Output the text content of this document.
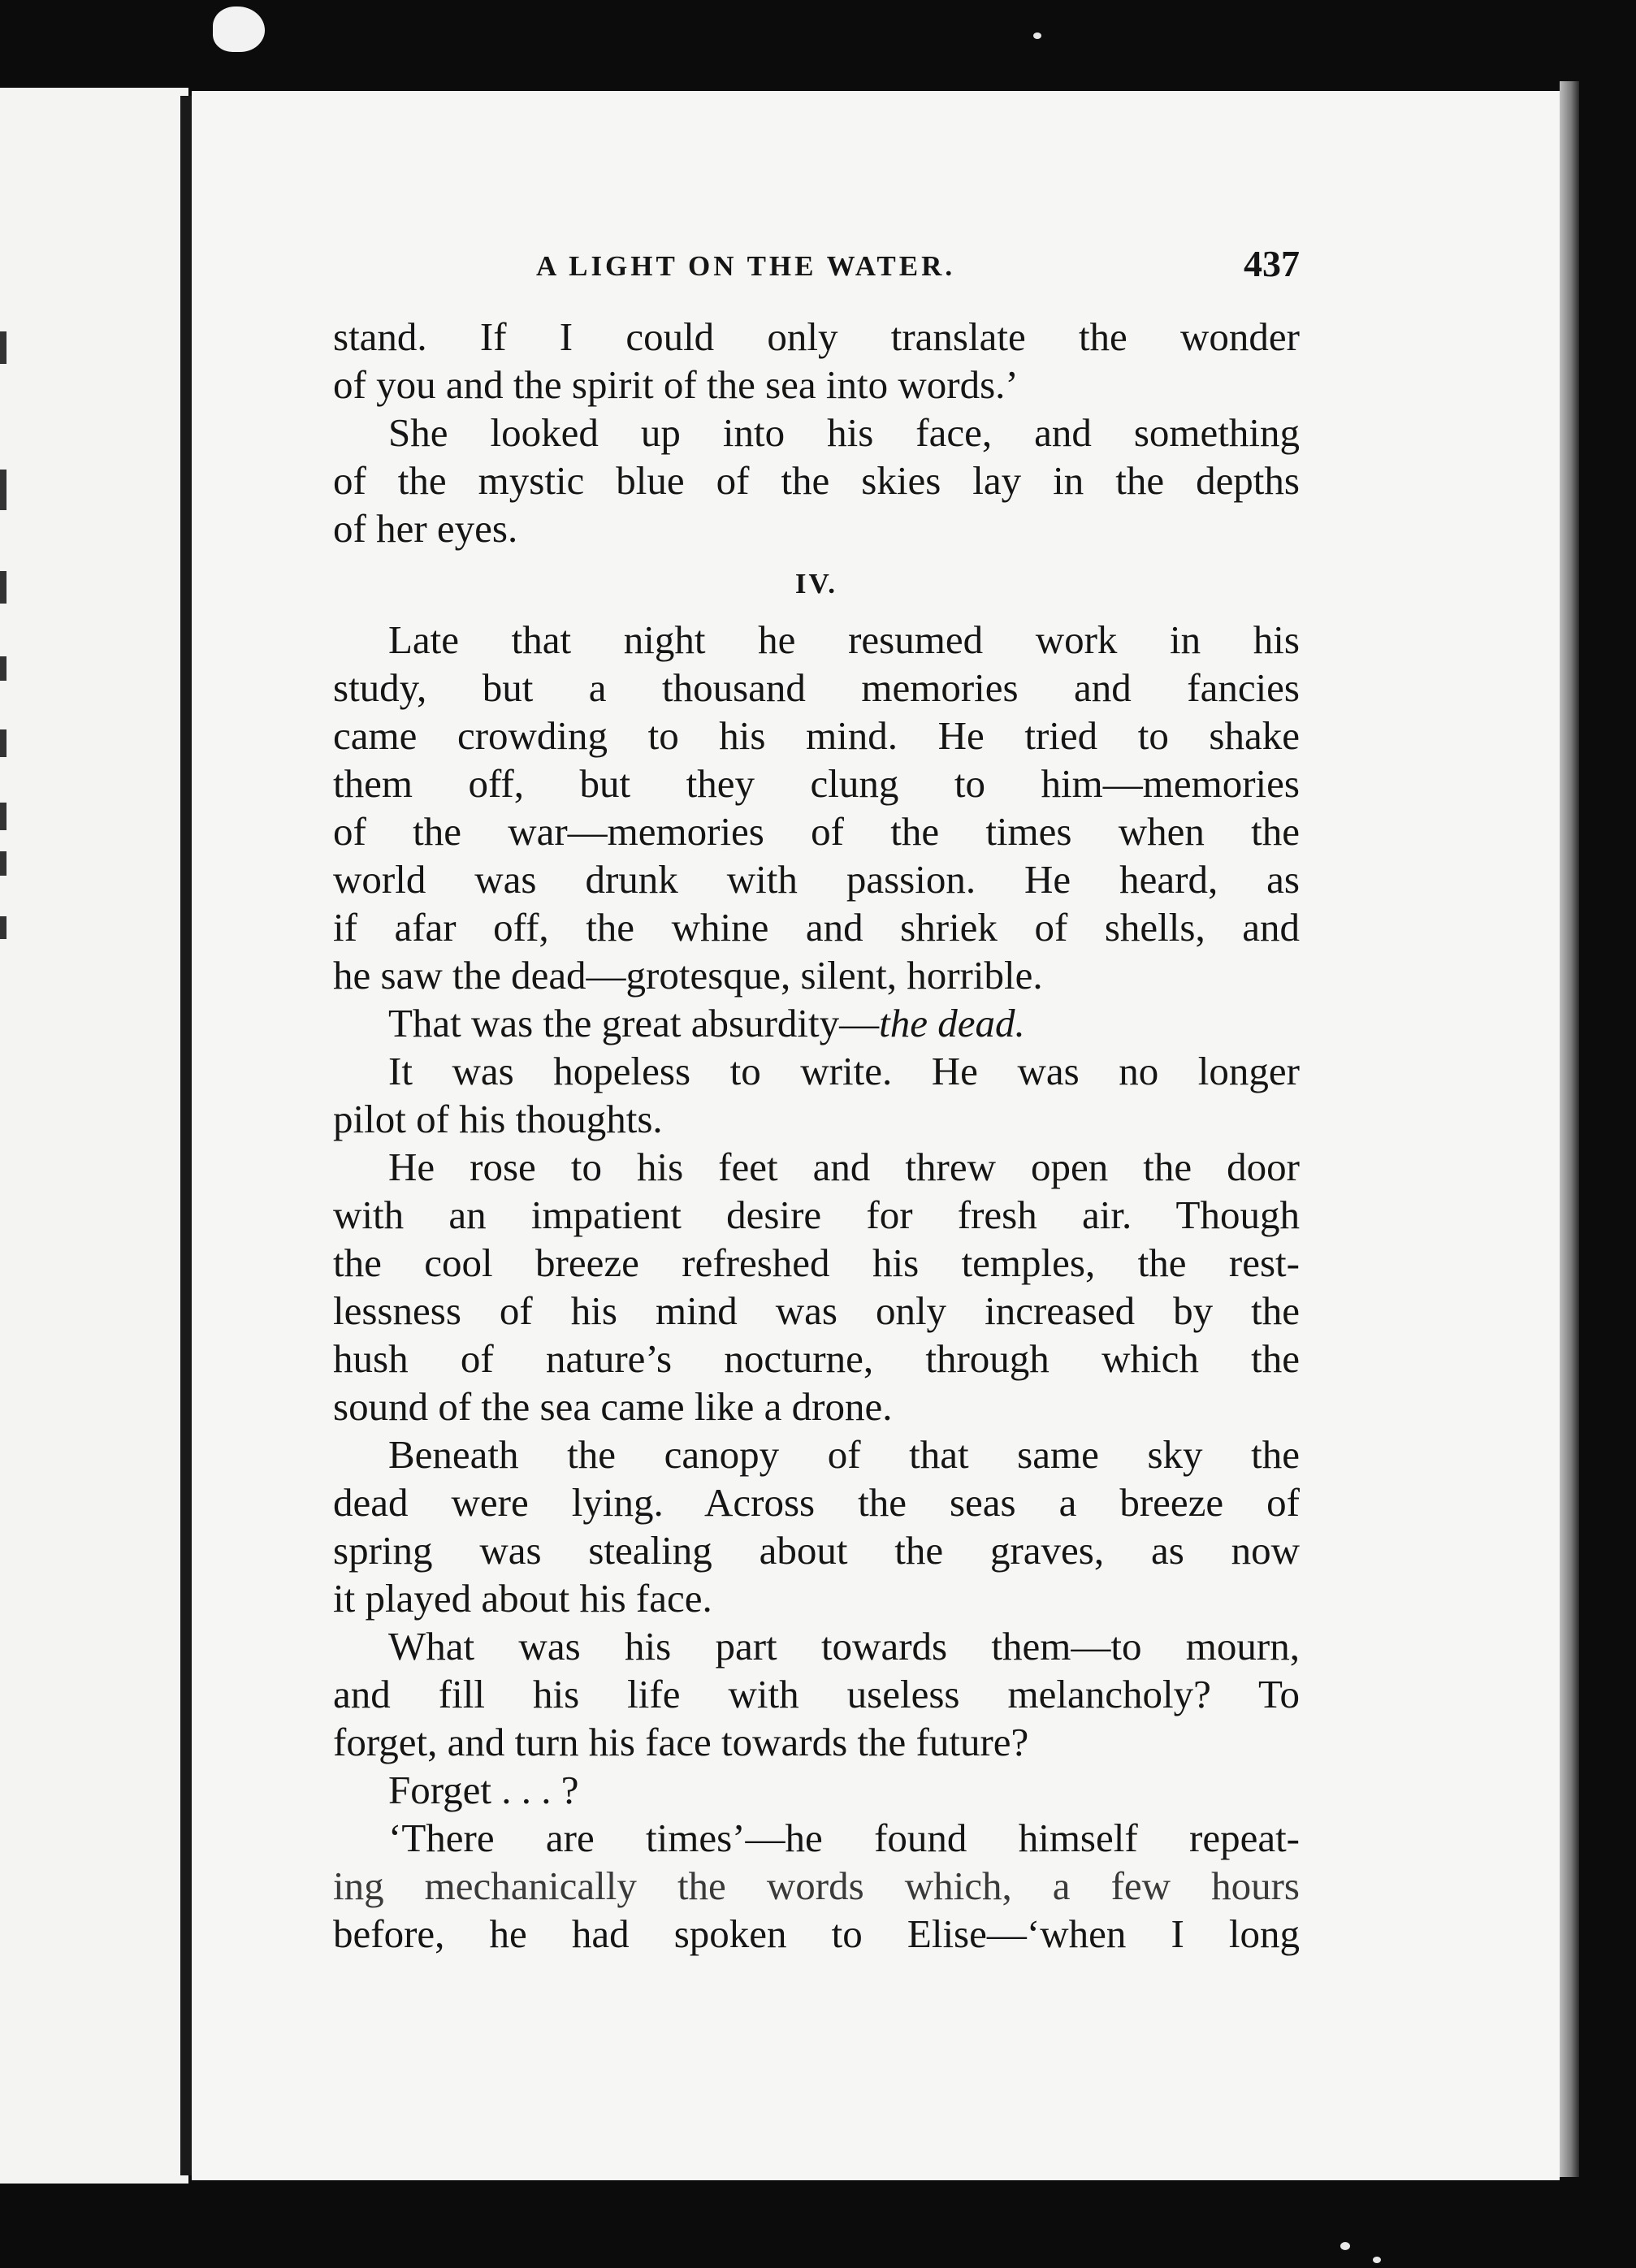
A LIGHT ON THE WATER.	437
stand. If I could only translate the wonder
of you and the spirit of the sea into words.’
She looked up into his face, and something
of the mystic blue of the skies lay in the depths
of her eyes.
IV.
Late that night he resumed work in his
study, but a thousand memories and fancies
came crowding to his mind. He tried to shake
them off, but they clung to him—memories
of the war—memories of the times when the
world was drunk with passion. He heard, as
if afar off, the whine and shriek of shells, and
he saw the dead—grotesque, silent, horrible.
That was the great absurdity—the dead.
It was hopeless to write. He was no longer
pilot of his thoughts.
He rose to his feet and threw open the door
with an impatient desire for fresh air. Though
the cool breeze refreshed his temples, the rest-
lessness of his mind was only increased by the
hush of nature’s nocturne, through which the
sound of the sea came like a drone.
Beneath the canopy of that same sky the
dead were lying. Across the seas a breeze of
spring was stealing about the graves, as now
it played about his face.
What was his part towards them—to mourn,
and fill his life with useless melancholy? To
forget, and turn his face towards the future?
Forget . . . ?
‘There are times’—he found himself repeat-
ing mechanically the words which, a few hours
before, he had spoken to Elise—‘when I long
